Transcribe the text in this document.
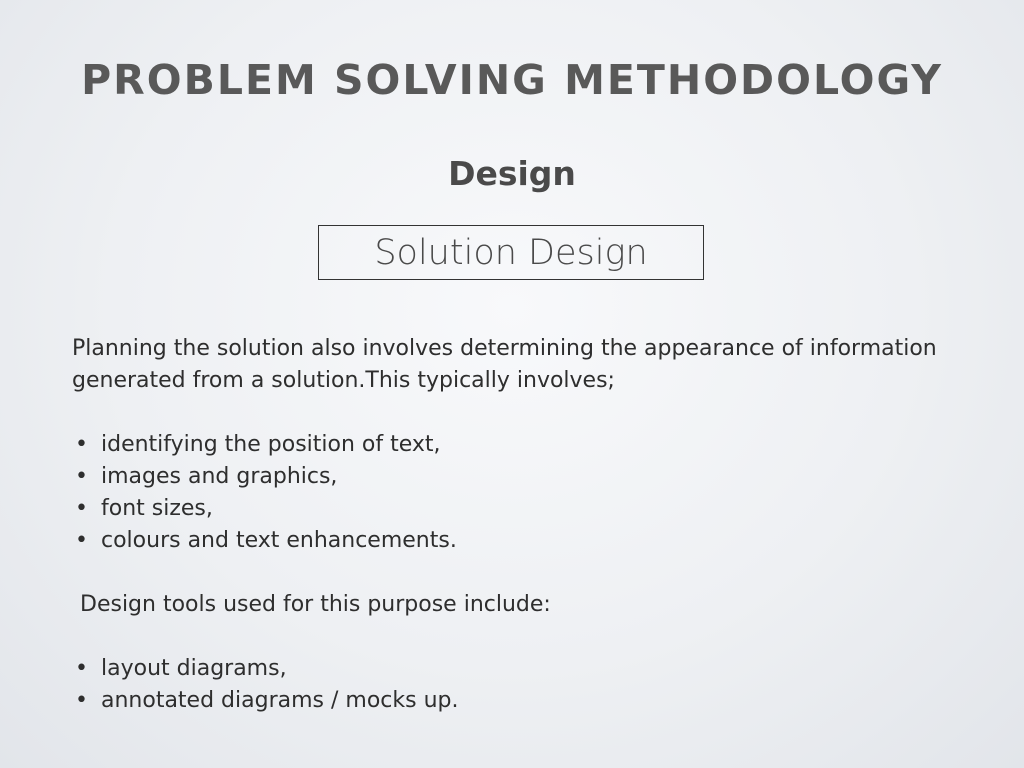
PROBLEM SOLVING METHODOLOGY
Design
Solution Design

Planning the solution also involves determining the appearance of information
generated from a solution.This typically involves;

• identifying the position of text,
• images and graphics,
• font sizes,
• colours and text enhancements.

Design tools used for this purpose include:

• layout diagrams,
• annotated diagrams / mocks up.
